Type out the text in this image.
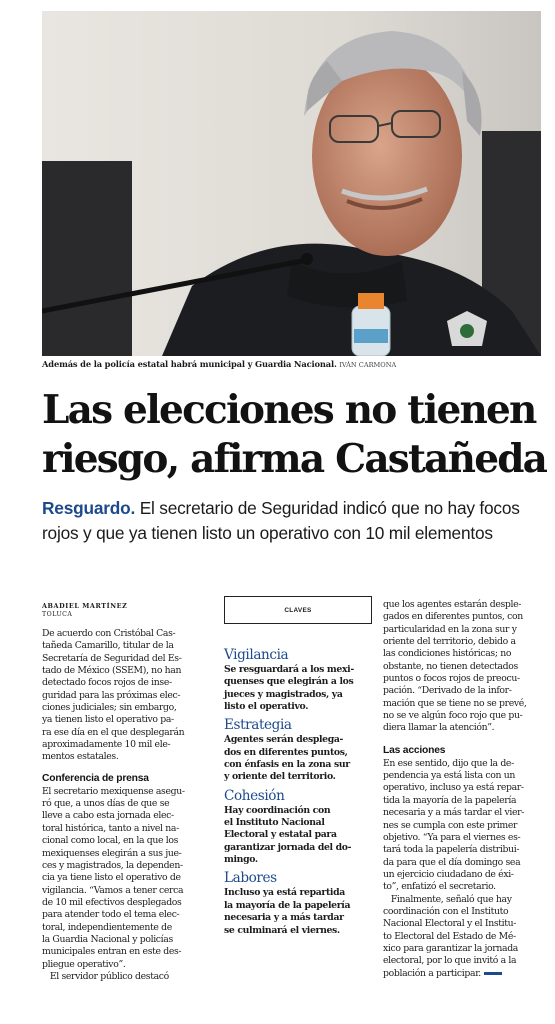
Además de la policía estatal habrá municipal y Guardia Nacional. IVÁN CARMONA
Las elecciones no tienen
riesgo, afirma Castañeda
Resguardo. El secretario de Seguridad indicó que no hay focos rojos y que ya tienen listo un operativo con 10 mil elementos
ABADIEL MARTÍNEZ
TOLUCA
De acuerdo con Cristóbal Cas-
tañeda Camarillo, titular de la
Secretaría de Seguridad del Es-
tado de México (SSEM), no han
detectado focos rojos de inse-
guridad para las próximas elec-
ciones judiciales; sin embargo,
ya tienen listo el operativo pa-
ra ese día en el que desplegarán
aproximadamente 10 mil ele-
mentos estatales.
Conferencia de prensa
El secretario mexiquense asegu-
ró que, a unos días de que se
lleve a cabo esta jornada elec-
toral histórica, tanto a nivel na-
cional como local, en la que los
mexiquenses elegirán a sus jue-
ces y magistrados, la dependen-
cia ya tiene listo el operativo de
vigilancia. “Vamos a tener cerca
de 10 mil efectivos desplegados
para atender todo el tema elec-
toral, independientemente de
la Guardia Nacional y policías
municipales entran en este des-
pliegue operativo”.
El servidor público destacó
CLAVES
Vigilancia
Se resguardará a los mexi-
quenses que elegirán a los
jueces y magistrados, ya
listo el operativo.
Estrategia
Agentes serán desplega-
dos en diferentes puntos,
con énfasis en la zona sur
y oriente del territorio.
Cohesión
Hay coordinación con
el Instituto Nacional
Electoral y estatal para
garantizar jornada del do-
mingo.
Labores
Incluso ya está repartida
la mayoría de la papelería
necesaria y a más tardar
se culminará el viernes.
que los agentes estarán desple-
gados en diferentes puntos, con
particularidad en la zona sur y
oriente del territorio, debido a
las condiciones históricas; no
obstante, no tienen detectados
puntos o focos rojos de preocu-
pación. “Derivado de la infor-
mación que se tiene no se prevé,
no se ve algún foco rojo que pu-
diera llamar la atención”.
Las acciones
En ese sentido, dijo que la de-
pendencia ya está lista con un
operativo, incluso ya está repar-
tida la mayoría de la papelería
necesaria y a más tardar el vier-
nes se cumpla con este primer
objetivo. “Ya para el viernes es-
tará toda la papelería distribui-
da para que el día domingo sea
un ejercicio ciudadano de éxi-
to”, enfatizó el secretario.
Finalmente, señaló que hay
coordinación con el Instituto
Nacional Electoral y el Institu-
to Electoral del Estado de Mé-
xico para garantizar la jornada
electoral, por lo que invitó a la
población a participar.
